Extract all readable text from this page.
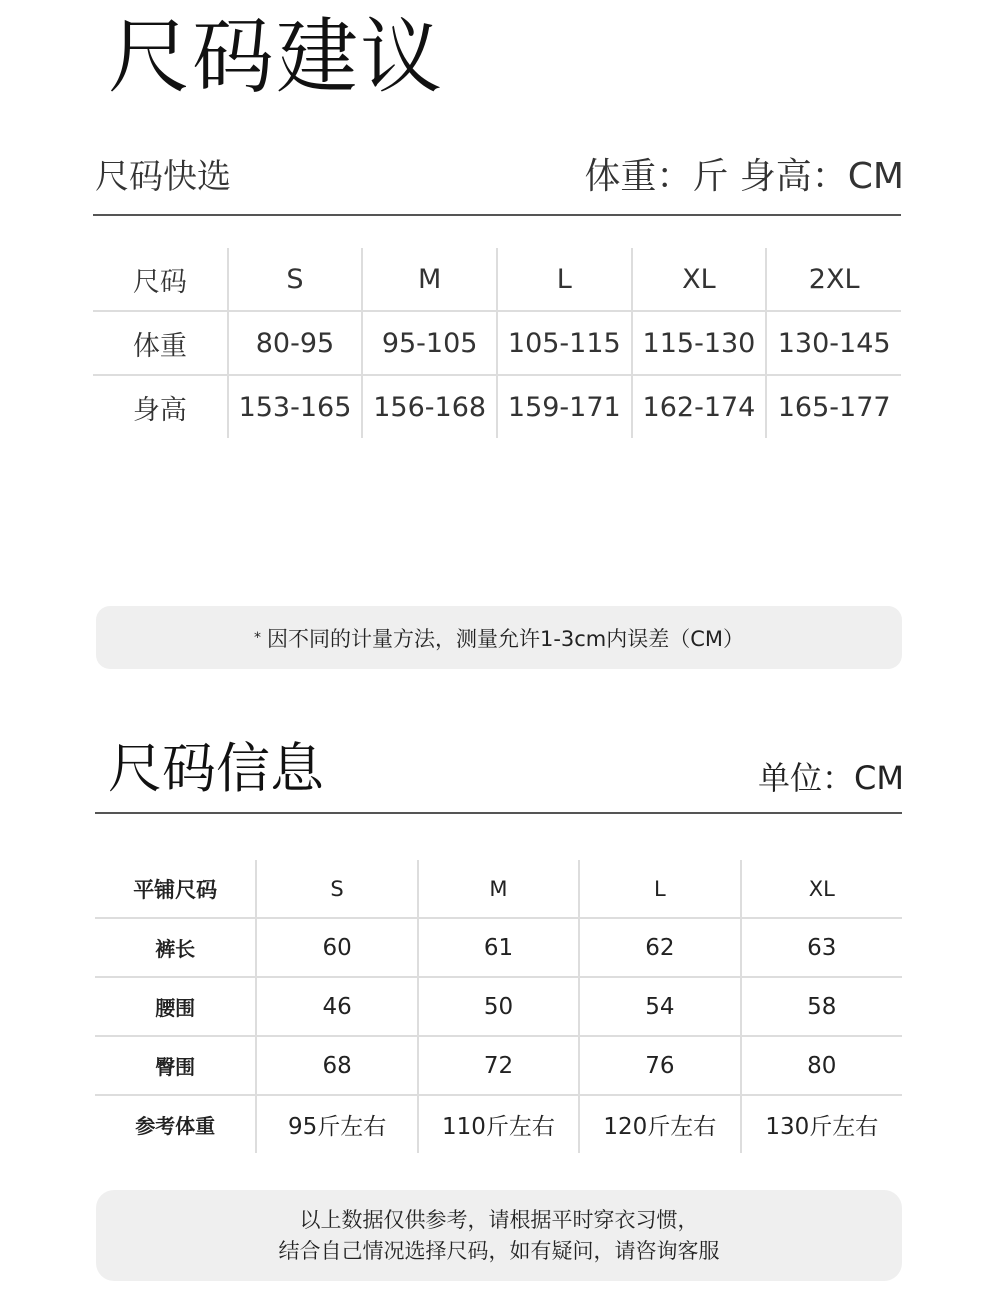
尺码建议
尺码快选	体重：斤 身高：CM
尺码	S	M	L	XL	2XL
体重	80-95	95-105	105-115	115-130	130-145
身高	153-165	156-168	159-171	162-174	165-177
* 因不同的计量方法，测量允许1-3cm内误差（CM）
尺码信息	单位：CM
平铺尺码	S	M	L	XL
裤长	60	61	62	63
腰围	46	50	54	58
臀围	68	72	76	80
参考体重	95斤左右	110斤左右	120斤左右	130斤左右
以上数据仅供参考，请根据平时穿衣习惯，
结合自己情况选择尺码，如有疑问，请咨询客服
